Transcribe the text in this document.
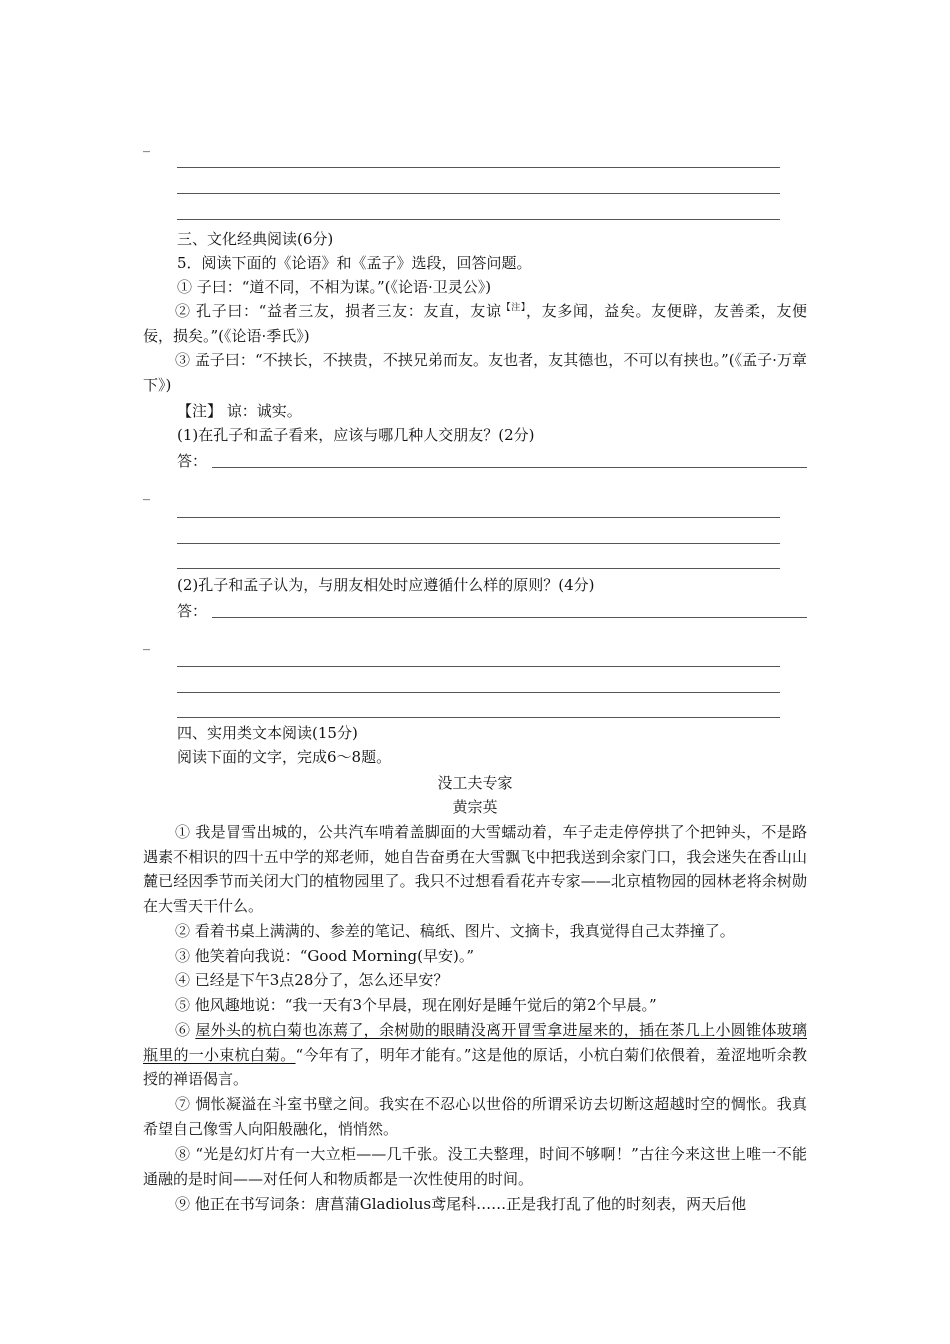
_
三、文化经典阅读(6分)
5．阅读下面的《论语》和《孟子》选段，回答问题。
① 子曰：“道不同，不相为谋。”(《论语·卫灵公》)
② 孔子曰：“益者三友，损者三友：友直，友谅$^{【注】}$，友多闻，益矣。友便辟，友善柔，友便佞，损矣。”(《论语·季氏》)
③ 孟子曰：“不挟长，不挟贵，不挟兄弟而友。友也者，友其德也，不可以有挟也。”(《孟子·万章下》)
【注】 谅：诚实。
(1)在孔子和孟子看来，应该与哪几种人交朋友？(2分)
答：
_
(2)孔子和孟子认为，与朋友相处时应遵循什么样的原则？(4分)
答：
_
四、实用类文本阅读(15分)
阅读下面的文字，完成6～8题。
没工夫专家
黄宗英
① 我是冒雪出城的，公共汽车啃着盖脚面的大雪蠕动着，车子走走停停拱了个把钟头，不是路遇素不相识的四十五中学的郑老师，她自告奋勇在大雪飘飞中把我送到余家门口，我会迷失在香山山麓已经因季节而关闭大门的植物园里了。我只不过想看看花卉专家——北京植物园的园林老将余树勋在大雪天干什么。
② 看着书桌上满满的、参差的笔记、稿纸、图片、文摘卡，我真觉得自己太莽撞了。
③ 他笑着向我说：“Good Morning(早安)。”
④ 已经是下午3点28分了，怎么还早安？
⑤ 他风趣地说：“我一天有3个早晨，现在刚好是睡午觉后的第2个早晨。”
⑥ 屋外头的杭白菊也冻蔫了，余树勋的眼睛没离开冒雪拿进屋来的，插在茶几上小圆锥体玻璃瓶里的一小束杭白菊。“今年有了，明年才能有。”这是他的原话，小杭白菊们依偎着，羞涩地听余教授的禅语偈言。
⑦ 惆怅凝溢在斗室书壁之间。我实在不忍心以世俗的所谓采访去切断这超越时空的惆怅。我真希望自己像雪人向阳般融化，悄悄然。
⑧ “光是幻灯片有一大立柜——几千张。没工夫整理，时间不够啊！”古往今来这世上唯一不能通融的是时间——对任何人和物质都是一次性使用的时间。
⑨ 他正在书写词条：唐菖蒲Gladiolus鸢尾科……正是我打乱了他的时刻表，两天后他
